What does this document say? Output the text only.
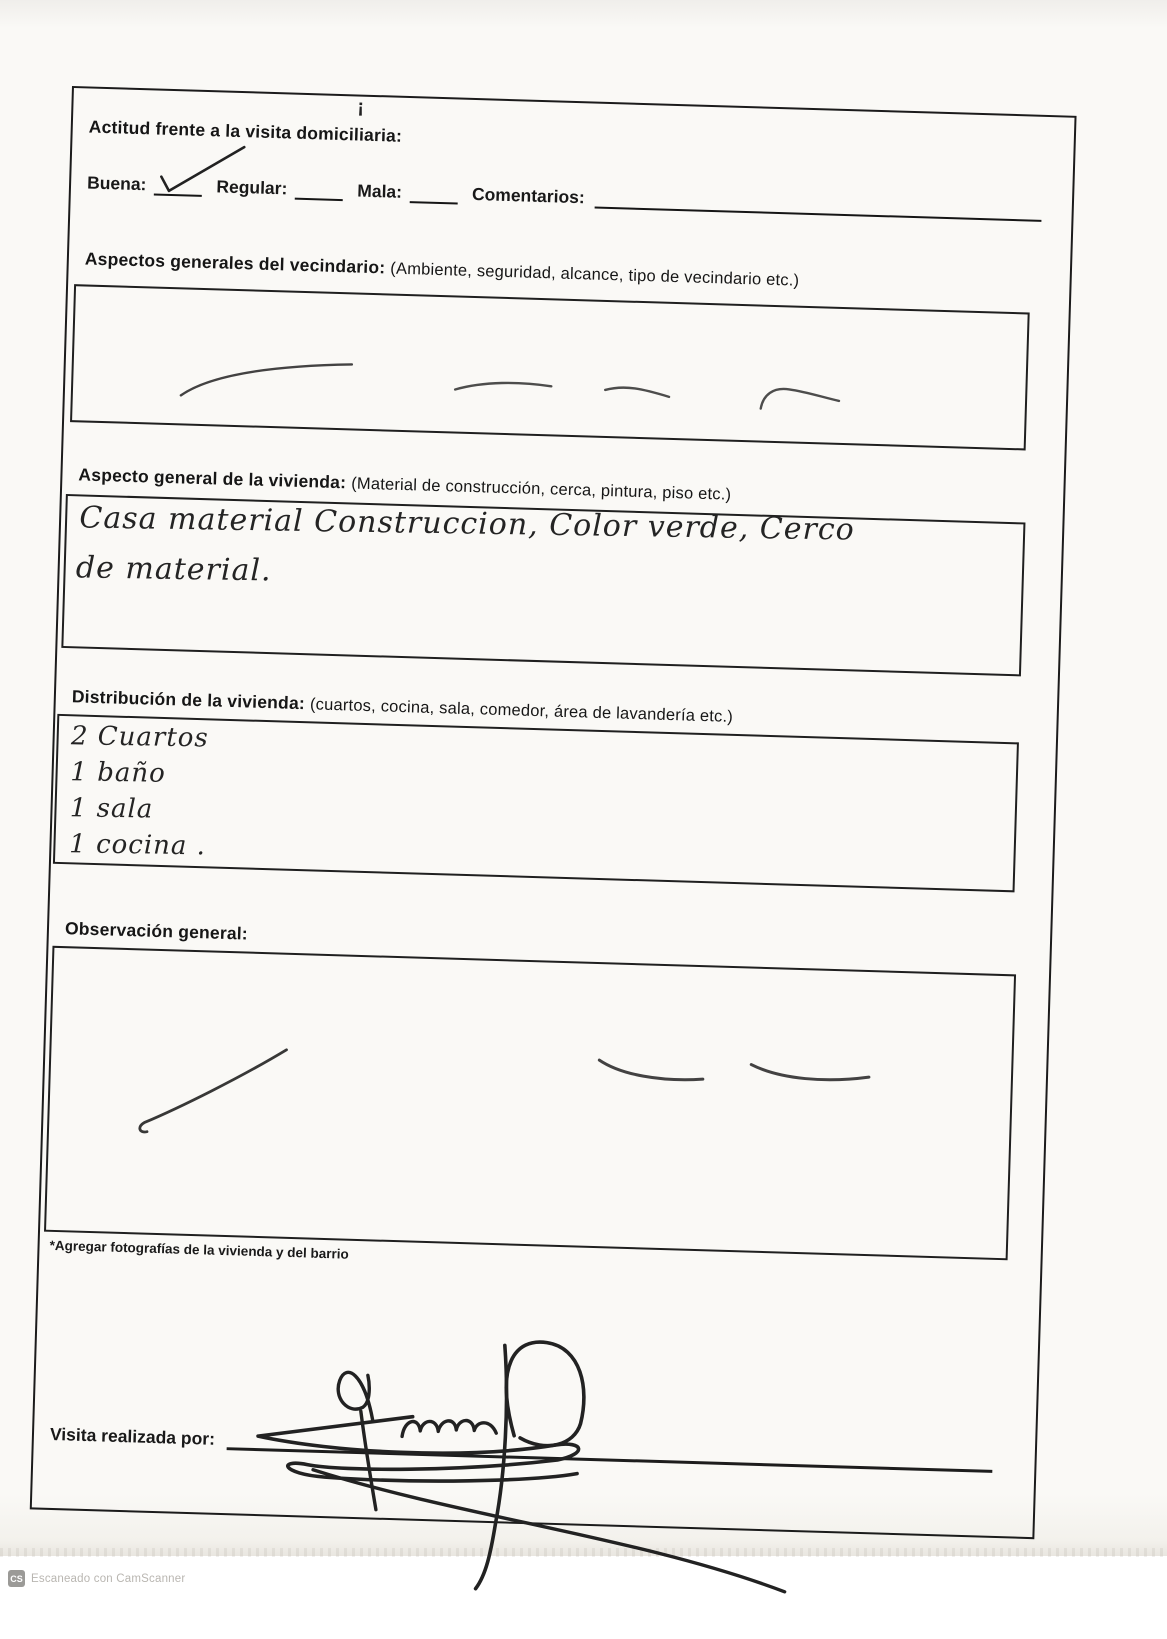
¡
Actitud frente a la visita domiciliaria:
Buena:	Regular:	Mala:	Comentarios:
Aspectos generales del vecindario: (Ambiente, seguridad, alcance, tipo de vecindario etc.)
Aspecto general de la vivienda: (Material de construcción, cerca, pintura, piso etc.)
Casa material Construccion, Color verde, Cerco
de material.
Distribución de la vivienda: (cuartos, cocina, sala, comedor, área de lavandería etc.)
2 Cuartos
1 baño
1 sala
1 cocina .
Observación general:
*Agregar fotografías de la vivienda y del barrio
Visita realizada por:
CS Escaneado con CamScanner
